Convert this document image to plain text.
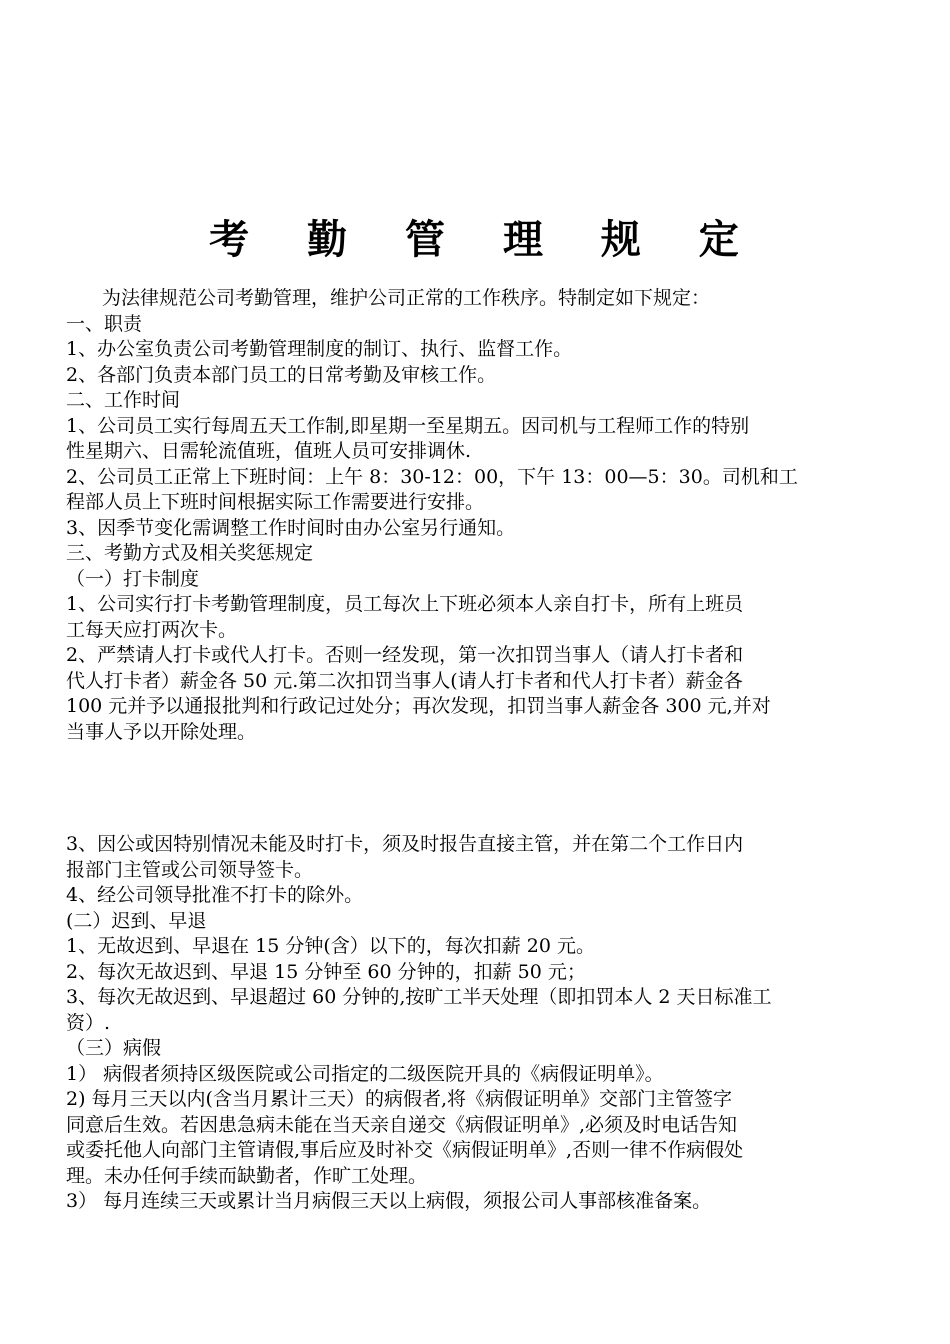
考 勤 管 理 规 定

为法律规范公司考勤管理，维护公司正常的工作秩序。特制定如下规定：

一、职责

1、办公室负责公司考勤管理制度的制订、执行、监督工作。

2、各部门负责本部门员工的日常考勤及审核工作。

二、工作时间

1、公司员工实行每周五天工作制,即星期一至星期五。因司机与工程师工作的特别

性星期六、日需轮流值班，值班人员可安排调休.

2、公司员工正常上下班时间：上午 8：30-12：00，下午 13：00—5：30。司机和工

程部人员上下班时间根据实际工作需要进行安排。

3、因季节变化需调整工作时间时由办公室另行通知。

三、考勤方式及相关奖惩规定

（一）打卡制度

1、公司实行打卡考勤管理制度，员工每次上下班必须本人亲自打卡，所有上班员

工每天应打两次卡。

2、严禁请人打卡或代人打卡。否则一经发现，第一次扣罚当事人（请人打卡者和

代人打卡者）薪金各 50 元.第二次扣罚当事人(请人打卡者和代人打卡者）薪金各

100 元并予以通报批判和行政记过处分；再次发现，扣罚当事人薪金各 300 元,并对

当事人予以开除处理。

3、因公或因特别情况未能及时打卡，须及时报告直接主管，并在第二个工作日内

报部门主管或公司领导签卡。

4、经公司领导批准不打卡的除外。

(二）迟到、早退

1、无故迟到、早退在 15 分钟(含）以下的，每次扣薪 20 元。

2、每次无故迟到、早退 15 分钟至 60 分钟的，扣薪 50 元；

3、每次无故迟到、早退超过 60 分钟的,按旷工半天处理（即扣罚本人 2 天日标准工

资）.

（三）病假

1） 病假者须持区级医院或公司指定的二级医院开具的《病假证明单》。

2) 每月三天以内(含当月累计三天）的病假者,将《病假证明单》交部门主管签字

同意后生效。若因患急病未能在当天亲自递交《病假证明单》,必须及时电话告知

或委托他人向部门主管请假,事后应及时补交《病假证明单》,否则一律不作病假处

理。未办任何手续而缺勤者，作旷工处理。

3） 每月连续三天或累计当月病假三天以上病假，须报公司人事部核准备案。
